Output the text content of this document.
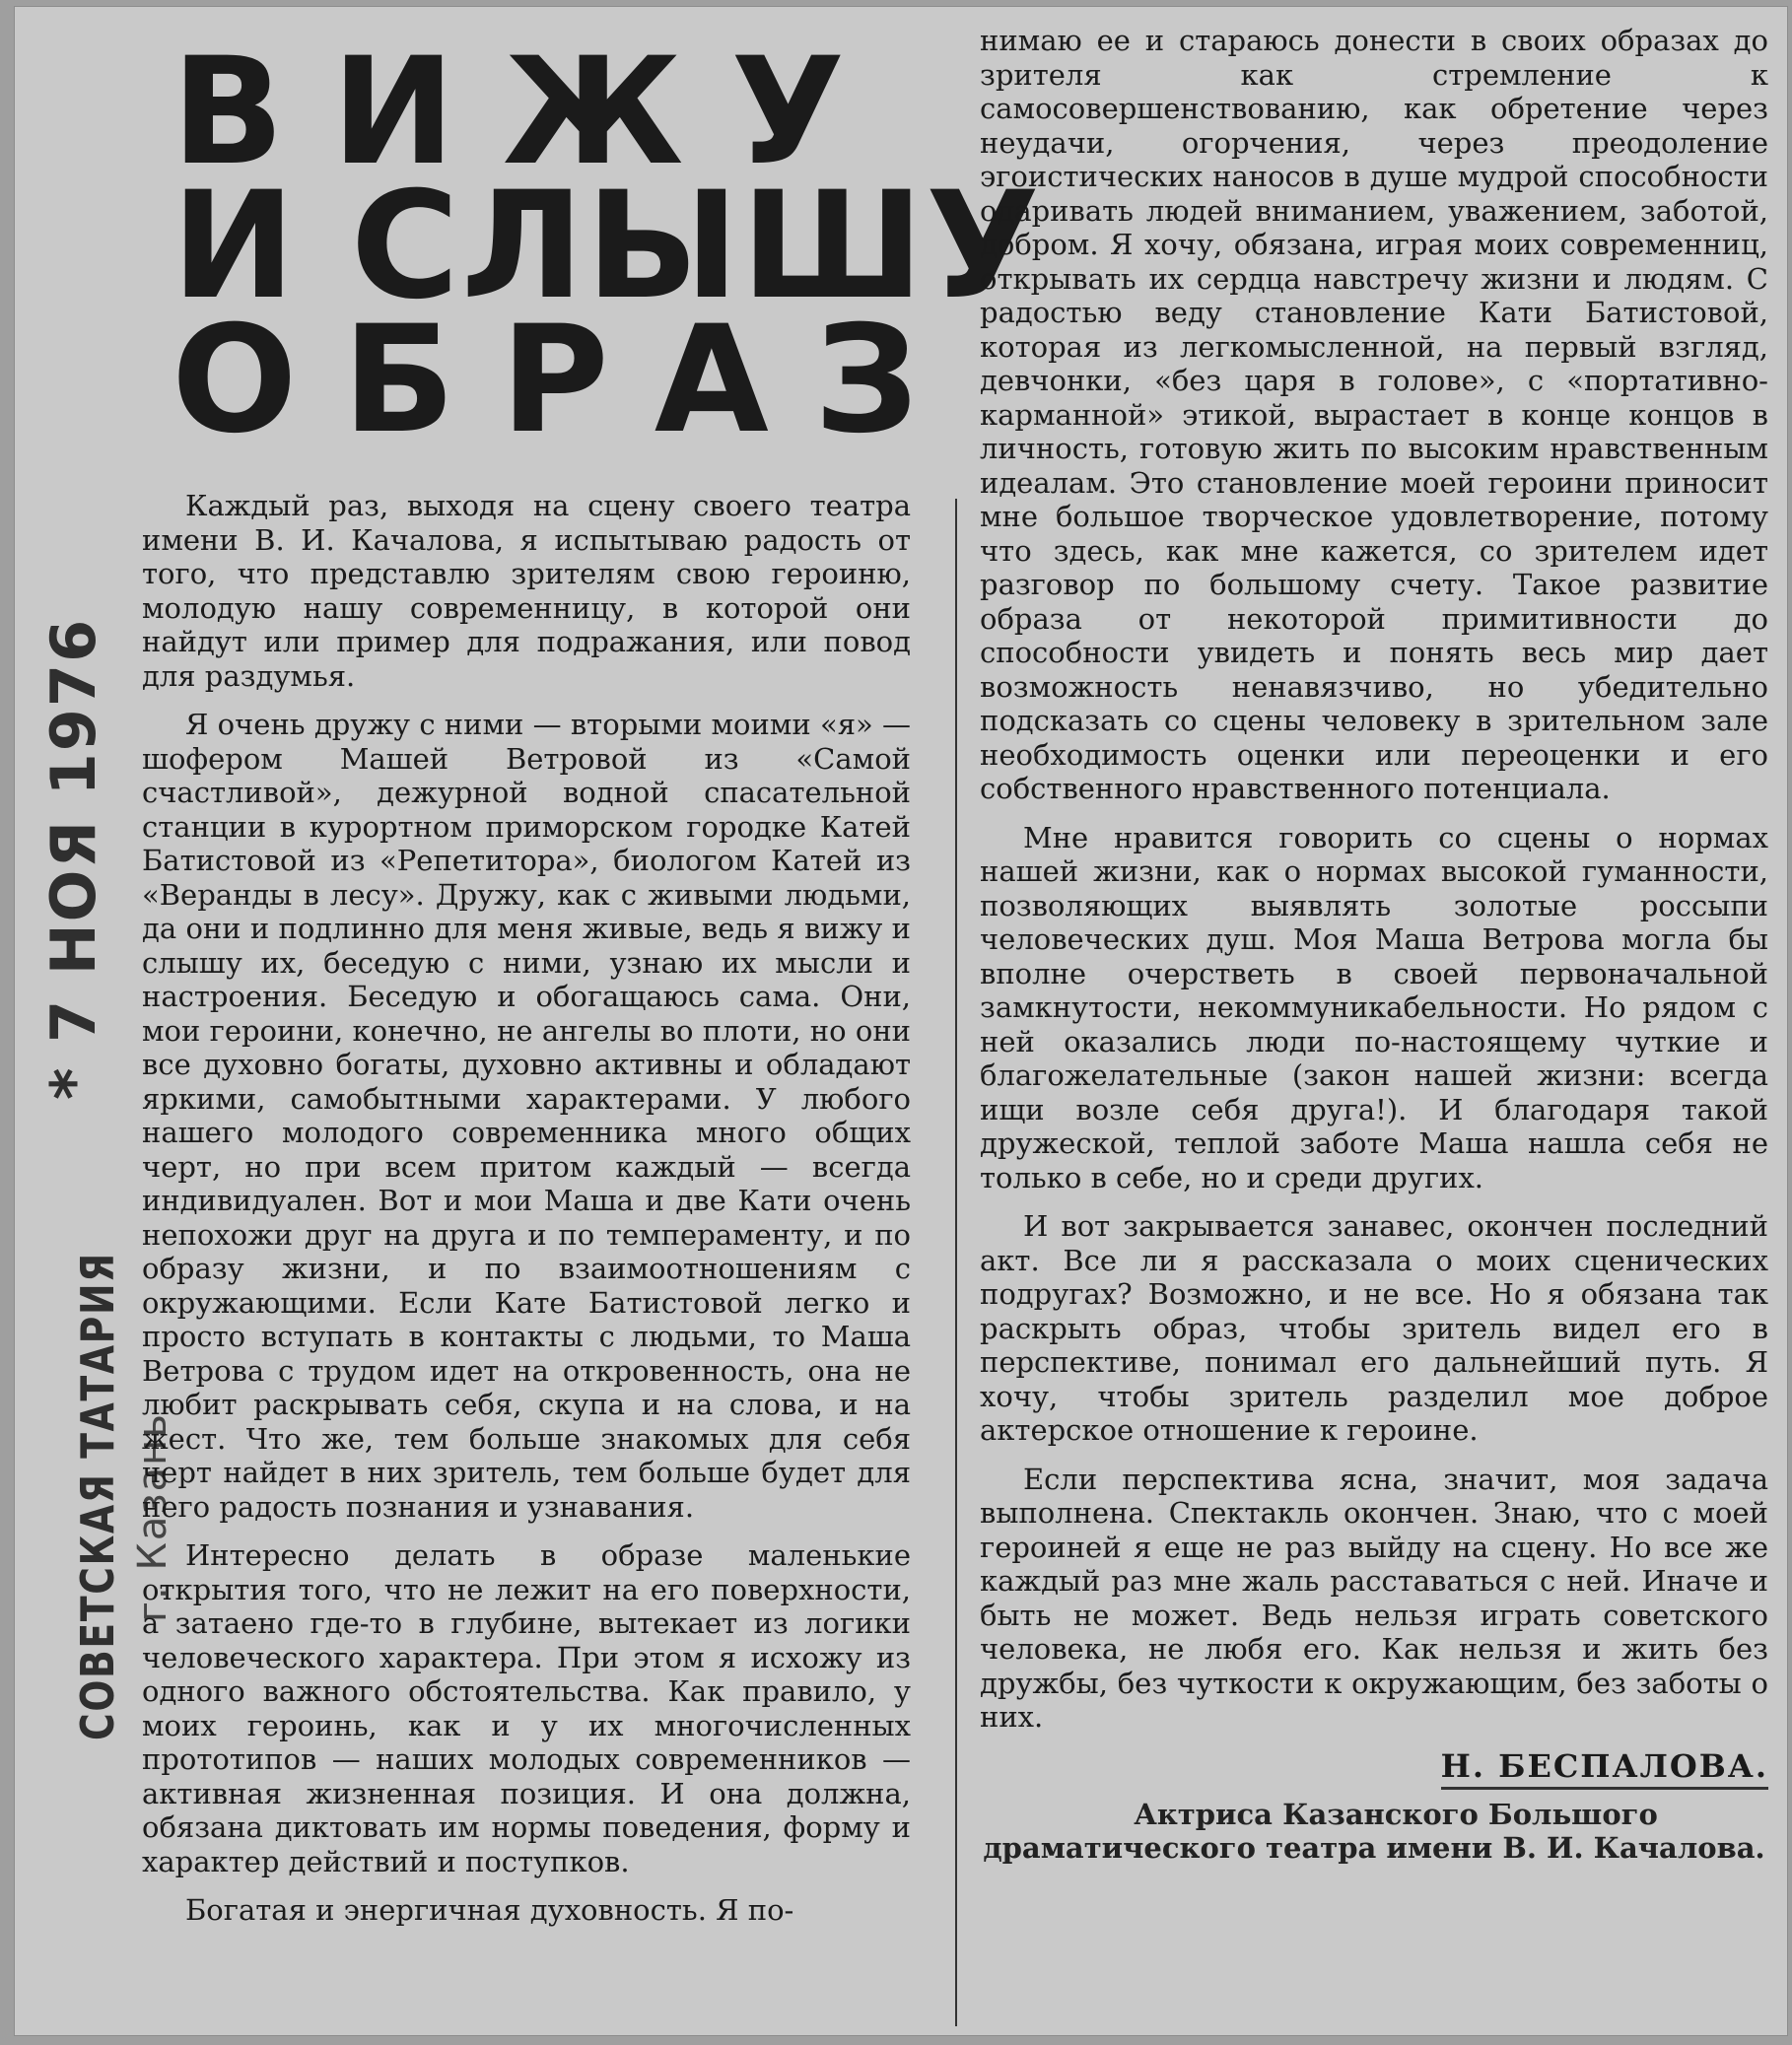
* 7 НОЯ 1976
СОВЕТСКАЯ ТАТАРИЯ г. Казань
ВИЖУ
И СЛЫШУ
ОБРАЗ

Каждый раз, выходя на сцену своего театра имени В. И. Качалова, я испытываю радость от того, что представлю зрителям свою героиню, молодую нашу современницу, в которой они найдут или пример для подражания, или повод для раздумья.

Я очень дружу с ними — вторыми моими «я» — шофером Машей Ветровой из «Самой счастливой», дежурной водной спасательной станции в курортном приморском городке Катей Батистовой из «Репетитора», биологом Катей из «Веранды в лесу». Дружу, как с живыми людьми, да они и подлинно для меня живые, ведь я вижу и слышу их, беседую с ними, узнаю их мысли и настроения. Беседую и обогащаюсь сама. Они, мои героини, конечно, не ангелы во плоти, но они все духовно богаты, духовно активны и обладают яркими, самобытными характерами. У любого нашего молодого современника много общих черт, но при всем притом каждый — всегда индивидуален. Вот и мои Маша и две Кати очень непохожи друг на друга и по темпераменту, и по образу жизни, и по взаимоотношениям с окружающими. Если Кате Батистовой легко и просто вступать в контакты с людьми, то Маша Ветрова с трудом идет на откровенность, она не любит раскрывать себя, скупа и на слова, и на жест. Что же, тем больше знакомых для себя черт найдет в них зритель, тем больше будет для него радость познания и узнавания.

Интересно делать в образе маленькие открытия того, что не лежит на его поверхности, а затаено где-то в глубине, вытекает из логики человеческого характера. При этом я исхожу из одного важного обстоятельства. Как правило, у моих героинь, как и у их многочисленных прототипов — наших молодых современников — активная жизненная позиция. И она должна, обязана диктовать им нормы поведения, форму и характер действий и поступков.

Богатая и энергичная духовность. Я по-

нимаю ее и стараюсь донести в своих образах до зрителя как стремление к самосовершенствованию, как обретение через неудачи, огорчения, через преодоление эгоистических наносов в душе мудрой способности одаривать людей вниманием, уважением, заботой, добром. Я хочу, обязана, играя моих современниц, открывать их сердца навстречу жизни и людям. С радостью веду становление Кати Батистовой, которая из легкомысленной, на первый взгляд, девчонки, «без царя в голове», с «портативно-карманной» этикой, вырастает в конце концов в личность, готовую жить по высоким нравственным идеалам. Это становление моей героини приносит мне большое творческое удовлетворение, потому что здесь, как мне кажется, со зрителем идет разговор по большому счету. Такое развитие образа от некоторой примитивности до способности увидеть и понять весь мир дает возможность ненавязчиво, но убедительно подсказать со сцены человеку в зрительном зале необходимость оценки или переоценки и его собственного нравственного потенциала.

Мне нравится говорить со сцены о нормах нашей жизни, как о нормах высокой гуманности, позволяющих выявлять золотые россыпи человеческих душ. Моя Маша Ветрова могла бы вполне очерстветь в своей первоначальной замкнутости, некоммуникабельности. Но рядом с ней оказались люди по-настоящему чуткие и благожелательные (закон нашей жизни: всегда ищи возле себя друга!). И благодаря такой дружеской, теплой заботе Маша нашла себя не только в себе, но и среди других.

И вот закрывается занавес, окончен последний акт. Все ли я рассказала о моих сценических подругах? Возможно, и не все. Но я обязана так раскрыть образ, чтобы зритель видел его в перспективе, понимал его дальнейший путь. Я хочу, чтобы зритель разделил мое доброе актерское отношение к героине.

Если перспектива ясна, значит, моя задача выполнена. Спектакль окончен. Знаю, что с моей героиней я еще не раз выйду на сцену. Но все же каждый раз мне жаль расставаться с ней. Иначе и быть не может. Ведь нельзя играть советского человека, не любя его. Как нельзя и жить без дружбы, без чуткости к окружающим, без заботы о них.

Н. БЕСПАЛОВА.

Актриса Казанского Большого драматического театра имени В. И. Качалова.
